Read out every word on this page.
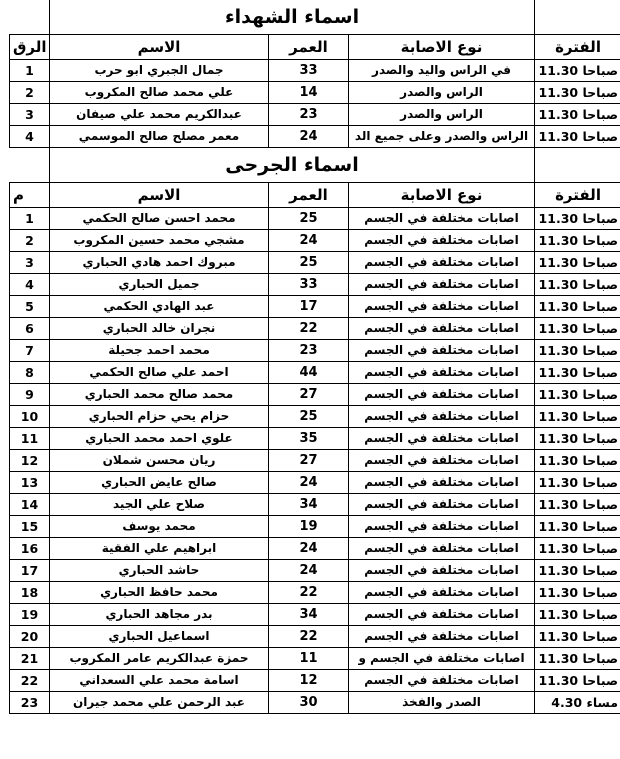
	اسماء الشهداء			
الرق	الاسم	العمر	نوع الاصابة	الفترة
1	جمال الجبري ابو حرب	33	في الراس واليد والصدر	صباحا 11.30
2	علي محمد صالح المكروب	14	الراس والصدر	صباحا 11.30
3	عبدالكريم محمد علي صيفان	23	الراس والصدر	صباحا 11.30
4	معمر مصلح صالح الموسمي	24	الراس والصدر وعلى جميع الد	صباحا 11.30
	اسماء الجرحى			
م	الاسم	العمر	نوع الاصابة	الفترة
1	محمد احسن صالح الحكمي	25	اصابات مختلفة في الجسم	صباحا 11.30
2	مشجي محمد حسين المكروب	24	اصابات مختلفة في الجسم	صباحا 11.30
3	مبروك احمد هادي الحباري	25	اصابات مختلفة في الجسم	صباحا 11.30
4	جميل الحباري	33	اصابات مختلفة في الجسم	صباحا 11.30
5	عبد الهادي الحكمي	17	اصابات مختلفة في الجسم	صباحا 11.30
6	نجران خالد الحباري	22	اصابات مختلفة في الجسم	صباحا 11.30
7	محمد احمد جحيلة	23	اصابات مختلفة في الجسم	صباحا 11.30
8	احمد علي صالح الحكمي	44	اصابات مختلفة في الجسم	صباحا 11.30
9	محمد صالح محمد الحباري	27	اصابات مختلفة في الجسم	صباحا 11.30
10	حزام يحي حزام الحباري	25	اصابات مختلفة في الجسم	صباحا 11.30
11	علوي احمد محمد الحباري	35	اصابات مختلفة في الجسم	صباحا 11.30
12	ريان محسن شملان	27	اصابات مختلفة في الجسم	صباحا 11.30
13	صالح عايض الحباري	24	اصابات مختلفة في الجسم	صباحا 11.30
14	صلاح علي الجيد	34	اصابات مختلفة في الجسم	صباحا 11.30
15	محمد يوسف	19	اصابات مختلفة في الجسم	صباحا 11.30
16	ابراهيم علي الفقية	24	اصابات مختلفة في الجسم	صباحا 11.30
17	حاشد الحباري	24	اصابات مختلفة في الجسم	صباحا 11.30
18	محمد حافظ الحباري	22	اصابات مختلفة في الجسم	صباحا 11.30
19	بدر مجاهد الحباري	34	اصابات مختلفة في الجسم	صباحا 11.30
20	اسماعيل الحباري	22	اصابات مختلفة في الجسم	صباحا 11.30
21	حمزة عبدالكريم عامر المكروب	11	اصابات مختلفة في الجسم و	صباحا 11.30
22	اسامة محمد علي السعداني	12	اصابات مختلفة في الجسم	صباحا 11.30
23	عبد الرحمن علي محمد جيران	30	الصدر والفخذ	مساء 4.30
